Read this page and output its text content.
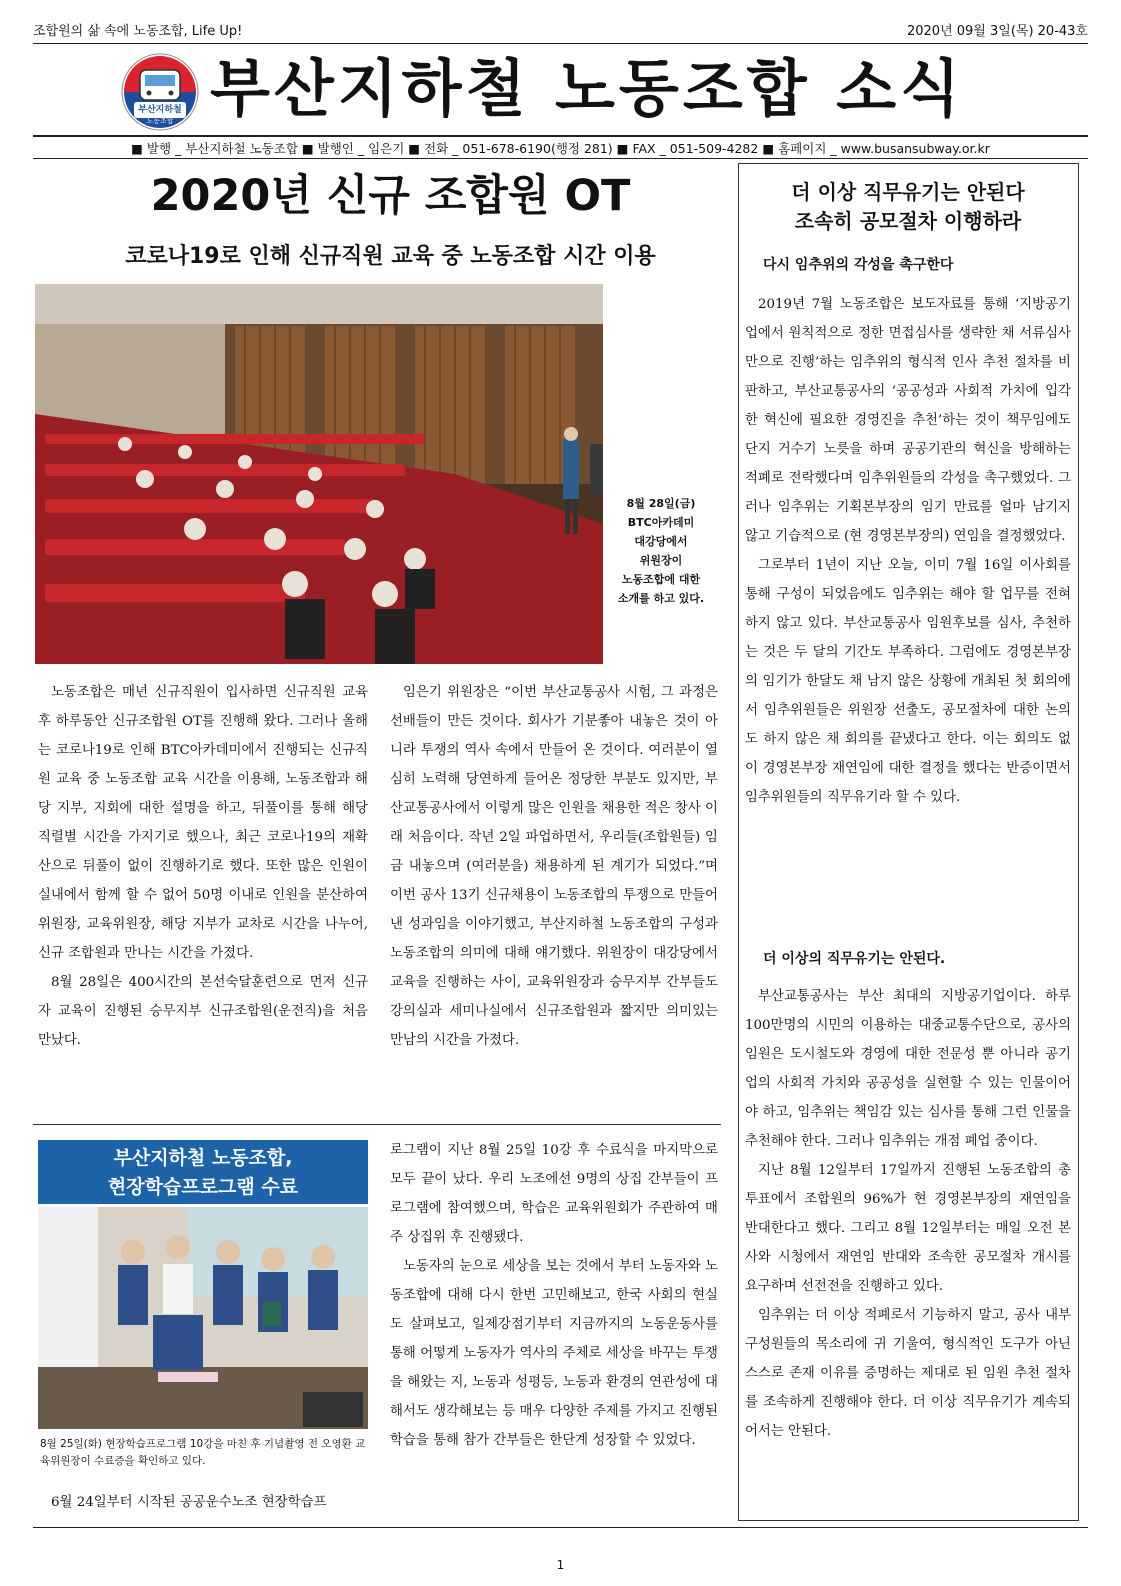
조합원의 삶 속에 노동조합, Life Up!	2020년 09월 3일(목) 20-43호
부산지하철
노동조합 부산지하철 노동조합 소식
■ 발행 _ 부산지하철 노동조합 ■ 발행인 _ 임은기 ■ 전화 _ 051-678-6190(행정 281) ■ FAX _ 051-509-4282 ■ 홈페이지 _ www.busansubway.or.kr
2020년 신규 조합원 OT
코로나19로 인해 신규직원 교육 중 노동조합 시간 이용
8월 28일(금)
BTC아카데미
대강당에서
위원장이
노동조합에 대한
소개를 하고 있다.

노동조합은 매년 신규직원이 입사하면 신규직원 교육 후 하루동안 신규조합원 OT를 진행해 왔다. 그러나 올해는 코로나19로 인해 BTC아카데미에서 진행되는 신규직원 교육 중 노동조합 교육 시간을 이용해, 노동조합과 해당 지부, 지회에 대한 설명을 하고, 뒤풀이를 통해 해당 직렬별 시간을 가지기로 했으나, 최근 코로나19의 재확산으로 뒤풀이 없이 진행하기로 했다. 또한 많은 인원이 실내에서 함께 할 수 없어 50명 이내로 인원을 분산하여 위원장, 교육위원장, 해당 지부가 교차로 시간을 나누어, 신규 조합원과 만나는 시간을 가졌다.

8월 28일은 400시간의 본선숙달훈련으로 먼저 신규자 교육이 진행된 승무지부 신규조합원(운전직)을 처음 만났다.

임은기 위원장은 “이번 부산교통공사 시험, 그 과정은 선배들이 만든 것이다. 회사가 기분좋아 내놓은 것이 아니라 투쟁의 역사 속에서 만들어 온 것이다. 여러분이 열심히 노력해 당연하게 들어온 정당한 부분도 있지만, 부산교통공사에서 이렇게 많은 인원을 채용한 적은 창사 이래 처음이다. 작년 2일 파업하면서, 우리들(조합원들) 임금 내놓으며 (여러분을) 채용하게 된 계기가 되었다.”며 이번 공사 13기 신규채용이 노동조합의 투쟁으로 만들어낸 성과임을 이야기했고, 부산지하철 노동조합의 구성과 노동조합의 의미에 대해 얘기했다. 위원장이 대강당에서 교육을 진행하는 사이, 교육위원장과 승무지부 간부들도 강의실과 세미나실에서 신규조합원과 짧지만 의미있는 만남의 시간을 가졌다.

부산지하철 노동조합,
현장학습프로그램 수료
8월 25일(화) 현장학습프로그램 10강을 마친 후 기념촬영 전 오영환 교육위원장이 수료증을 확인하고 있다.

6월 24일부터 시작된 공공운수노조 현장학습프

로그램이 지난 8월 25일 10강 후 수료식을 마지막으로 모두 끝이 났다. 우리 노조에선 9명의 상집 간부들이 프로그램에 참여했으며, 학습은 교육위원회가 주관하여 매주 상집위 후 진행됐다.

노동자의 눈으로 세상을 보는 것에서 부터 노동자와 노동조합에 대해 다시 한번 고민해보고, 한국 사회의 현실도 살펴보고, 일제강점기부터 지금까지의 노동운동사를 통해 어떻게 노동자가 역사의 주체로 세상을 바꾸는 투쟁을 해왔는 지, 노동과 성평등, 노동과 환경의 연관성에 대해서도 생각해보는 등 매우 다양한 주제를 가지고 진행된 학습을 통해 참가 간부들은 한단계 성장할 수 있었다.

더 이상 직무유기는 안된다
조속히 공모절차 이행하라
다시 임추위의 각성을 촉구한다

2019년 7월 노동조합은 보도자료를 통해 ‘지방공기업에서 원칙적으로 정한 면접심사를 생략한 채 서류심사만으로 진행’하는 임추위의 형식적 인사 추천 절차를 비판하고, 부산교통공사의 ‘공공성과 사회적 가치에 입각한 혁신에 필요한 경영진을 추천’하는 것이 책무임에도 단지 거수기 노릇을 하며 공공기관의 혁신을 방해하는 적폐로 전락했다며 임추위원들의 각성을 촉구했었다. 그러나 임추위는 기획본부장의 임기 만료를 얼마 남기지 않고 기습적으로 (현 경영본부장의) 연임을 결정했었다.

그로부터 1년이 지난 오늘, 이미 7월 16일 이사회를 통해 구성이 되었음에도 임추위는 해야 할 업무를 전혀 하지 않고 있다. 부산교통공사 임원후보를 심사, 추천하는 것은 두 달의 기간도 부족하다. 그럼에도 경영본부장의 임기가 한달도 채 남지 않은 상황에 개최된 첫 회의에서 임추위원들은 위원장 선출도, 공모절차에 대한 논의도 하지 않은 채 회의를 끝냈다고 한다. 이는 회의도 없이 경영본부장 재연임에 대한 결정을 했다는 반증이면서 임추위원들의 직무유기라 할 수 있다.

더 이상의 직무유기는 안된다.

부산교통공사는 부산 최대의 지방공기업이다. 하루 100만명의 시민의 이용하는 대중교통수단으로, 공사의 임원은 도시철도와 경영에 대한 전문성 뿐 아니라 공기업의 사회적 가치와 공공성을 실현할 수 있는 인물이어야 하고, 임추위는 책임감 있는 심사를 통해 그런 인물을 추천해야 한다. 그러나 임추위는 개점 폐업 중이다.

지난 8월 12일부터 17일까지 진행된 노동조합의 총투표에서 조합원의 96%가 현 경영본부장의 재연임을 반대한다고 했다. 그리고 8월 12일부터는 매일 오전 본사와 시청에서 재연임 반대와 조속한 공모절차 개시를 요구하며 선전전을 진행하고 있다.

임추위는 더 이상 적폐로서 기능하지 말고, 공사 내부 구성원들의 목소리에 귀 기울여, 형식적인 도구가 아닌 스스로 존재 이유를 증명하는 제대로 된 임원 추천 절차를 조속하게 진행해야 한다. 더 이상 직무유기가 계속되어서는 안된다.

1
